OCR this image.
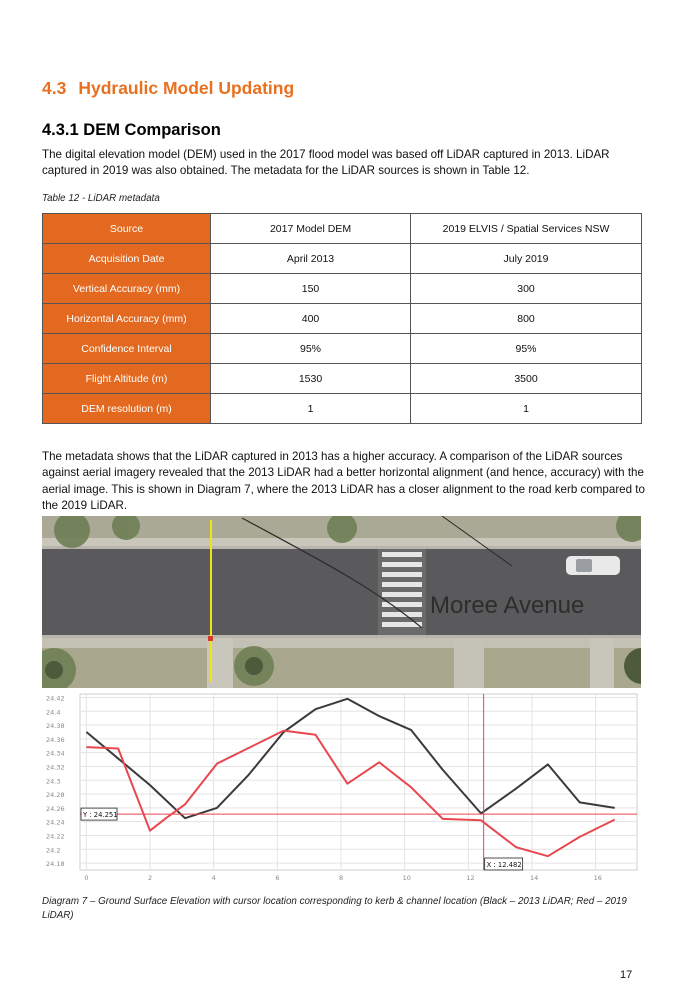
4.3 Hydraulic Model Updating
4.3.1 DEM Comparison

The digital elevation model (DEM) used in the 2017 flood model was based off LiDAR captured in 2013. LiDAR captured in 2019 was also obtained. The metadata for the LiDAR sources is shown in Table 12.

Table 12 - LiDAR metadata
Source	2017 Model DEM	2019 ELVIS / Spatial Services NSW
Acquisition Date	April 2013	July 2019
Vertical Accuracy (mm)	150	300
Horizontal Accuracy (mm)	400	800
Confidence Interval	95%	95%
Flight Altitude (m)	1530	3500
DEM resolution (m)	1	1

The metadata shows that the LiDAR captured in 2013 has a higher accuracy. A comparison of the LiDAR sources against aerial imagery revealed that the 2013 LiDAR had a better horizontal alignment (and hence, accuracy) with the aerial image. This is shown in Diagram 7, where the 2013 LiDAR has a closer alignment to the road kerb compared to the 2019 LiDAR.

Moree Avenue
Y : 24.251
X : 12.482
24.42
24.4
24.38
24.36
24.34
24.32
24.3
24.28
24.26
24.24
24.22
24.2
24.18
0	2	4	6	8	10	12	14	16
Diagram 7 – Ground Surface Elevation with cursor location corresponding to kerb & channel location (Black – 2013 LiDAR; Red – 2019 LiDAR)
17
